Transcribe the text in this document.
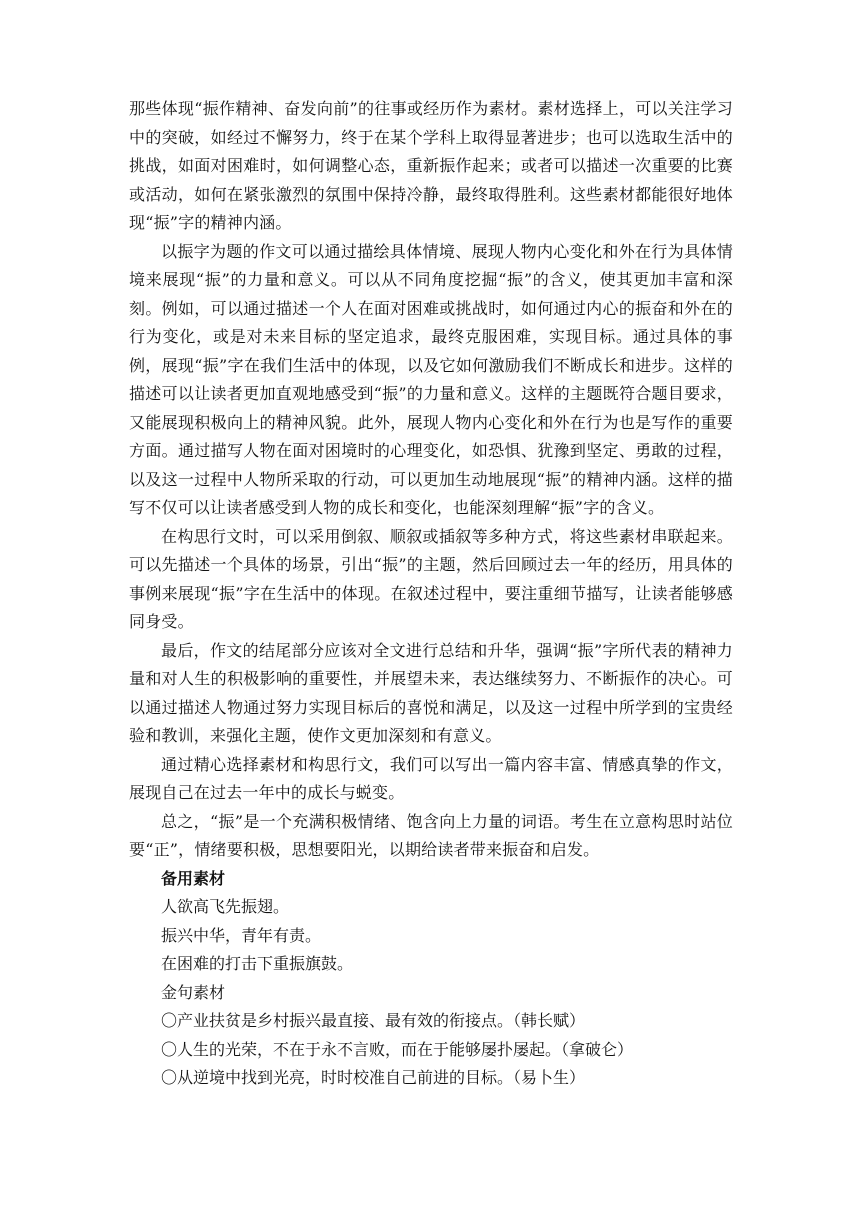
那些体现“振作精神、奋发向前”的往事或经历作为素材。素材选择上，可以关注学习中的突破，如经过不懈努力，终于在某个学科上取得显著进步；也可以选取生活中的挑战，如面对困难时，如何调整心态，重新振作起来；或者可以描述一次重要的比赛或活动，如何在紧张激烈的氛围中保持冷静，最终取得胜利。这些素材都能很好地体现“振”字的精神内涵。

以振字为题的作文可以通过描绘具体情境、展现人物内心变化和外在行为具体情境来展现“振”的力量和意义。可以从不同角度挖掘“振”的含义，使其更加丰富和深刻。例如，可以通过描述一个人在面对困难或挑战时，如何通过内心的振奋和外在的行为变化，或是对未来目标的坚定追求，最终克服困难，实现目标。通过具体的事例，展现“振”字在我们生活中的体现，以及它如何激励我们不断成长和进步。这样的描述可以让读者更加直观地感受到“振”的力量和意义。这样的主题既符合题目要求，又能展现积极向上的精神风貌。此外，展现人物内心变化和外在行为也是写作的重要方面。通过描写人物在面对困境时的心理变化，如恐惧、犹豫到坚定、勇敢的过程，以及这一过程中人物所采取的行动，可以更加生动地展现“振”的精神内涵。这样的描写不仅可以让读者感受到人物的成长和变化，也能深刻理解“振”字的含义。

在构思行文时，可以采用倒叙、顺叙或插叙等多种方式，将这些素材串联起来。可以先描述一个具体的场景，引出“振”的主题，然后回顾过去一年的经历，用具体的事例来展现“振”字在生活中的体现。在叙述过程中，要注重细节描写，让读者能够感同身受。

最后，作文的结尾部分应该对全文进行总结和升华，强调“振”字所代表的精神力量和对人生的积极影响的重要性，并展望未来，表达继续努力、不断振作的决心。可以通过描述人物通过努力实现目标后的喜悦和满足，以及这一过程中所学到的宝贵经验和教训，来强化主题，使作文更加深刻和有意义。

通过精心选择素材和构思行文，我们可以写出一篇内容丰富、情感真挚的作文，展现自己在过去一年中的成长与蜕变。

总之，“振”是一个充满积极情绪、饱含向上力量的词语。考生在立意构思时站位要“正”，情绪要积极，思想要阳光，以期给读者带来振奋和启发。

备用素材

人欲高飞先振翅。

振兴中华，青年有责。

在困难的打击下重振旗鼓。

金句素材

〇产业扶贫是乡村振兴最直接、最有效的衔接点。（韩长赋）

〇人生的光荣，不在于永不言败，而在于能够屡扑屡起。（拿破仑）

〇从逆境中找到光亮，时时校准自己前进的目标。（易卜生）
